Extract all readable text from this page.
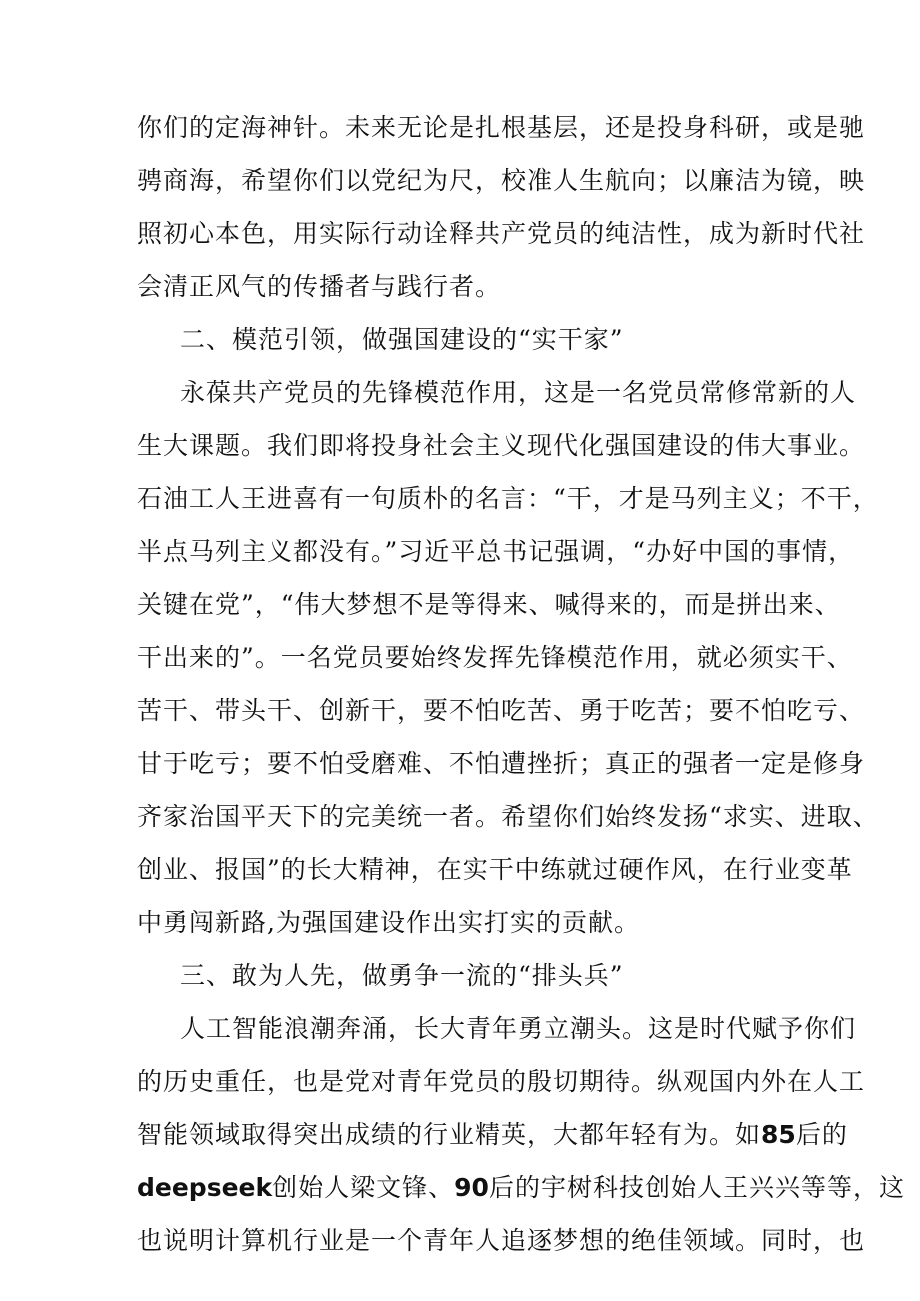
你们的定海神针。未来无论是扎根基层，还是投身科研，或是驰
骋商海，希望你们以党纪为尺，校准人生航向；以廉洁为镜，映
照初心本色，用实际行动诠释共产党员的纯洁性，成为新时代社
会清正风气的传播者与践行者。
二、模范引领，做强国建设的“实干家”
永葆共产党员的先锋模范作用，这是一名党员常修常新的人
生大课题。我们即将投身社会主义现代化强国建设的伟大事业。
石油工人王进喜有一句质朴的名言：“干，才是马列主义；不干，
半点马列主义都没有。”习近平总书记强调，“办好中国的事情，
关键在党”，“伟大梦想不是等得来、喊得来的，而是拼出来、
干出来的”。一名党员要始终发挥先锋模范作用，就必须实干、
苦干、带头干、创新干，要不怕吃苦、勇于吃苦；要不怕吃亏、
甘于吃亏；要不怕受磨难、不怕遭挫折；真正的强者一定是修身
齐家治国平天下的完美统一者。希望你们始终发扬“求实、进取、
创业、报国”的长大精神，在实干中练就过硬作风，在行业变革
中勇闯新路,为强国建设作出实打实的贡献。
三、敢为人先，做勇争一流的“排头兵”
人工智能浪潮奔涌，长大青年勇立潮头。这是时代赋予你们
的历史重任，也是党对青年党员的殷切期待。纵观国内外在人工
智能领域取得突出成绩的行业精英，大都年轻有为。如85后的
deepseek创始人梁文锋、90后的宇树科技创始人王兴兴等等，这
也说明计算机行业是一个青年人追逐梦想的绝佳领域。同时，也
